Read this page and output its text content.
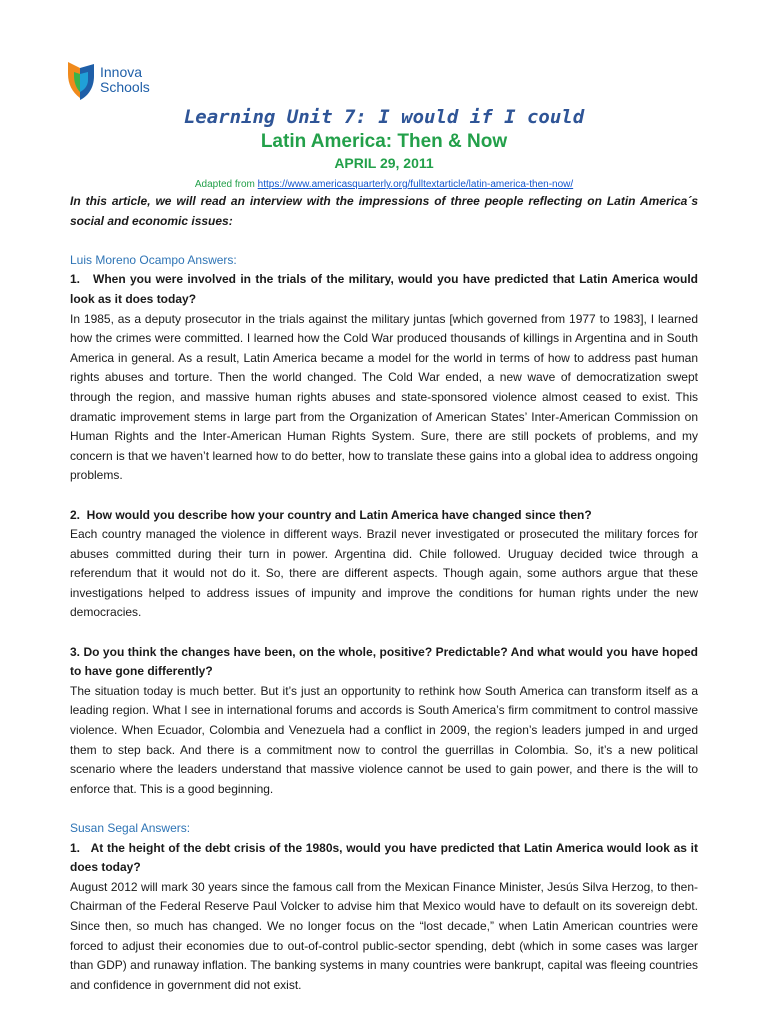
Innova
Schools
Learning Unit 7: I would if I could
Latin America: Then & Now
APRIL 29, 2011
Adapted from https://www.americasquarterly.org/fulltextarticle/latin-america-then-now/

In this article, we will read an interview with the impressions of three people reflecting on Latin America´s social and economic issues:

Luis Moreno Ocampo Answers:

1.   When you were involved in the trials of the military, would you have predicted that Latin America would look as it does today?

In 1985, as a deputy prosecutor in the trials against the military juntas [which governed from 1977 to 1983], I learned how the crimes were committed. I learned how the Cold War produced thousands of killings in Argentina and in South America in general. As a result, Latin America became a model for the world in terms of how to address past human rights abuses and torture. Then the world changed. The Cold War ended, a new wave of democratization swept through the region, and massive human rights abuses and state-sponsored violence almost ceased to exist. This dramatic improvement stems in large part from the Organization of American States’ Inter-American Commission on Human Rights and the Inter-American Human Rights System. Sure, there are still pockets of problems, and my concern is that we haven’t learned how to do better, how to translate these gains into a global idea to address ongoing problems.

2.  How would you describe how your country and Latin America have changed since then?

Each country managed the violence in different ways. Brazil never investigated or prosecuted the military forces for abuses committed during their turn in power. Argentina did. Chile followed. Uruguay decided twice through a referendum that it would not do it. So, there are different aspects. Though again, some authors argue that these investigations helped to address issues of impunity and improve the conditions for human rights under the new democracies.

3. Do you think the changes have been, on the whole, positive? Predictable? And what would you have hoped to have gone differently?

The situation today is much better. But it’s just an opportunity to rethink how South America can transform itself as a leading region. What I see in international forums and accords is South America’s firm commitment to control massive violence. When Ecuador, Colombia and Venezuela had a conflict in 2009, the region’s leaders jumped in and urged them to step back. And there is a commitment now to control the guerrillas in Colombia. So, it’s a new political scenario where the leaders understand that massive violence cannot be used to gain power, and there is the will to enforce that. This is a good beginning.

Susan Segal Answers:

1.   At the height of the debt crisis of the 1980s, would you have predicted that Latin America would look as it does today?

August 2012 will mark 30 years since the famous call from the Mexican Finance Minister, Jesús Silva Herzog, to then-Chairman of the Federal Reserve Paul Volcker to advise him that Mexico would have to default on its sovereign debt. Since then, so much has changed. We no longer focus on the “lost decade,” when Latin American countries were forced to adjust their economies due to out-of-control public-sector spending, debt (which in some cases was larger than GDP) and runaway inflation. The banking systems in many countries were bankrupt, capital was fleeing countries and confidence in government did not exist.
